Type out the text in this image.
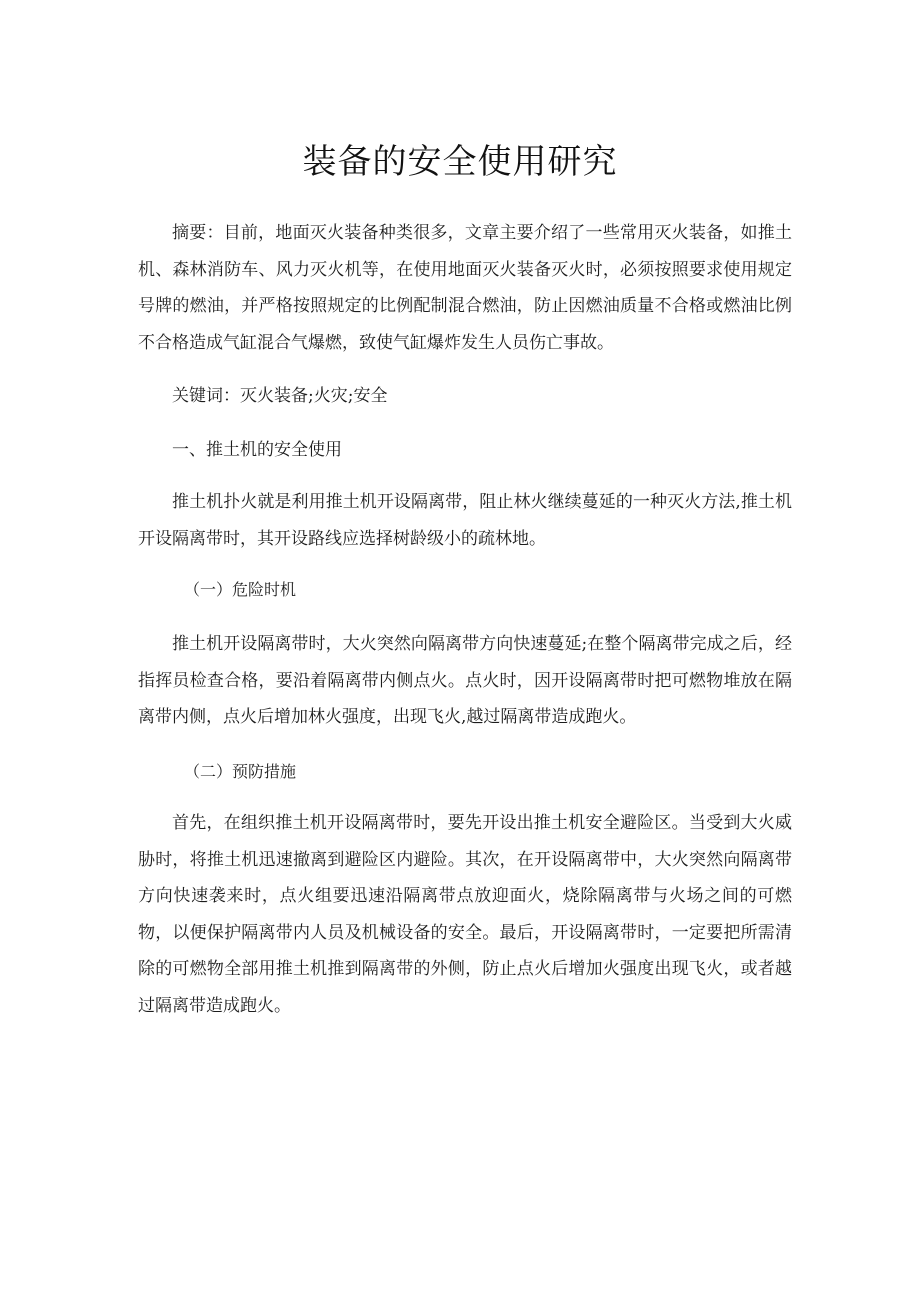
装备的安全使用研究
摘要：目前，地面灭火装备种类很多，文章主要介绍了一些常用灭火装备，如推土机、森林消防车、风力灭火机等，在使用地面灭火装备灭火时，必须按照要求使用规定号牌的燃油，并严格按照规定的比例配制混合燃油，防止因燃油质量不合格或燃油比例不合格造成气缸混合气爆燃，致使气缸爆炸发生人员伤亡事故。
关键词：灭火装备;火灾;安全
一、推土机的安全使用
推土机扑火就是利用推土机开设隔离带，阻止林火继续蔓延的一种灭火方法,推土机开设隔离带时，其开设路线应选择树龄级小的疏林地。
（一）危险时机
推土机开设隔离带时，大火突然向隔离带方向快速蔓延;在整个隔离带完成之后，经指挥员检查合格，要沿着隔离带内侧点火。点火时，因开设隔离带时把可燃物堆放在隔离带内侧，点火后增加林火强度，出现飞火,越过隔离带造成跑火。
（二）预防措施
首先，在组织推土机开设隔离带时，要先开设出推土机安全避险区。当受到大火威胁时，将推土机迅速撤离到避险区内避险。其次，在开设隔离带中，大火突然向隔离带方向快速袭来时，点火组要迅速沿隔离带点放迎面火，烧除隔离带与火场之间的可燃物，以便保护隔离带内人员及机械设备的安全。最后，开设隔离带时，一定要把所需清除的可燃物全部用推土机推到隔离带的外侧，防止点火后增加火强度出现飞火，或者越过隔离带造成跑火。
